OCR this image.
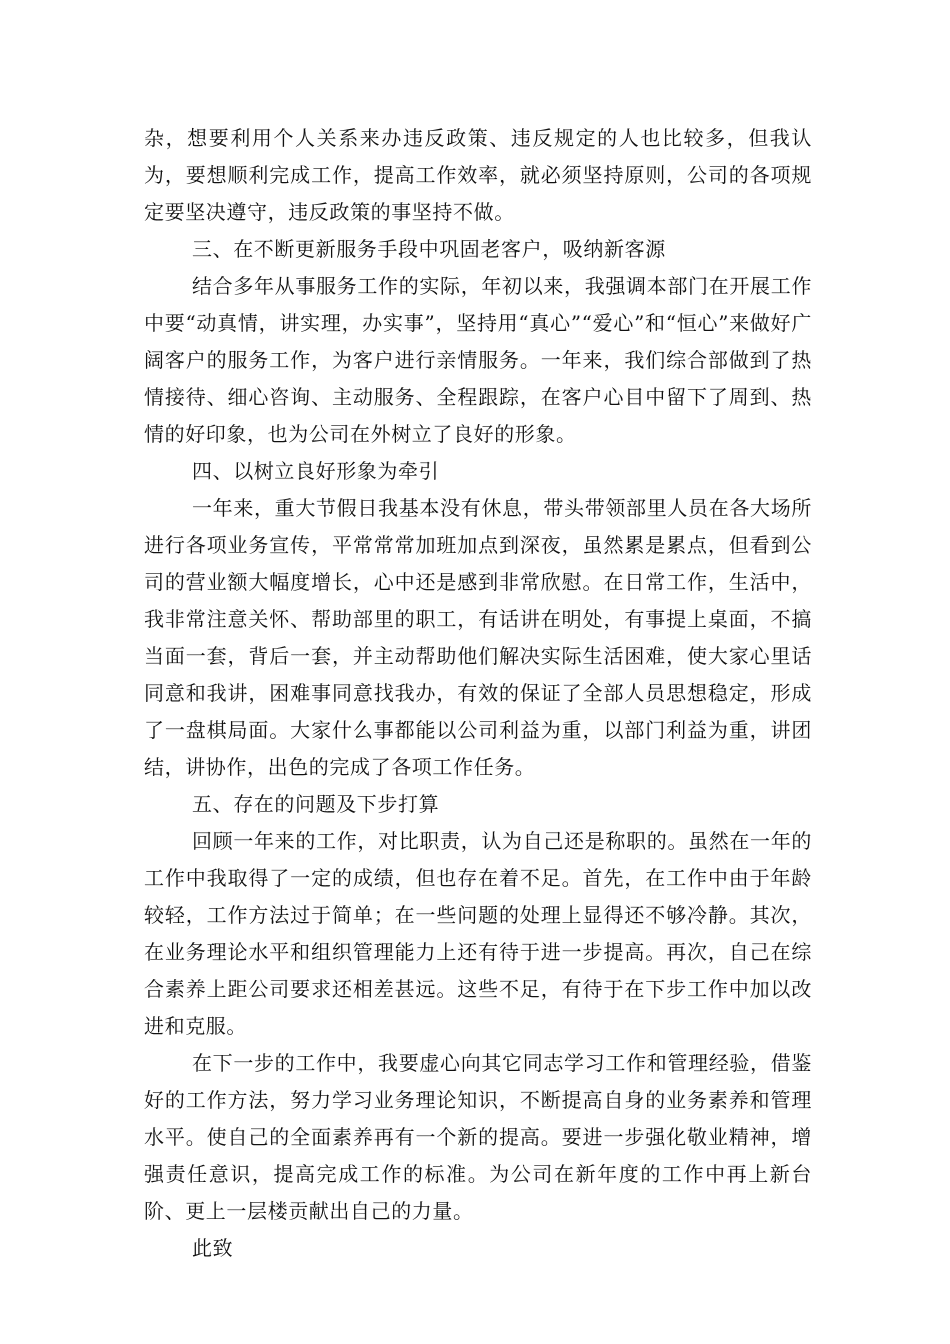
杂，想要利用个人关系来办违反政策、违反规定的人也比较多，但我认为，要想顺利完成工作，提高工作效率，就必须坚持原则，公司的各项规定要坚决遵守，违反政策的事坚持不做。

三、在不断更新服务手段中巩固老客户，吸纳新客源

结合多年从事服务工作的实际，年初以来，我强调本部门在开展工作中要“动真情，讲实理，办实事”，坚持用“真心”“爱心”和“恒心”来做好广阔客户的服务工作，为客户进行亲情服务。一年来，我们综合部做到了热情接待、细心咨询、主动服务、全程跟踪，在客户心目中留下了周到、热情的好印象，也为公司在外树立了良好的形象。

四、以树立良好形象为牵引

一年来，重大节假日我基本没有休息，带头带领部里人员在各大场所进行各项业务宣传，平常常常加班加点到深夜，虽然累是累点，但看到公司的营业额大幅度增长，心中还是感到非常欣慰。在日常工作，生活中，我非常注意关怀、帮助部里的职工，有话讲在明处，有事提上桌面，不搞当面一套，背后一套，并主动帮助他们解决实际生活困难，使大家心里话同意和我讲，困难事同意找我办，有效的保证了全部人员思想稳定，形成了一盘棋局面。大家什么事都能以公司利益为重，以部门利益为重，讲团结，讲协作，出色的完成了各项工作任务。

五、存在的问题及下步打算

回顾一年来的工作，对比职责，认为自己还是称职的。虽然在一年的工作中我取得了一定的成绩，但也存在着不足。首先，在工作中由于年龄较轻，工作方法过于简单；在一些问题的处理上显得还不够冷静。其次，在业务理论水平和组织管理能力上还有待于进一步提高。再次，自己在综合素养上距公司要求还相差甚远。这些不足，有待于在下步工作中加以改进和克服。

在下一步的工作中，我要虚心向其它同志学习工作和管理经验，借鉴好的工作方法，努力学习业务理论知识，不断提高自身的业务素养和管理水平。使自己的全面素养再有一个新的提高。要进一步强化敬业精神，增强责任意识，提高完成工作的标准。为公司在新年度的工作中再上新台阶、更上一层楼贡献出自己的力量。

此致
